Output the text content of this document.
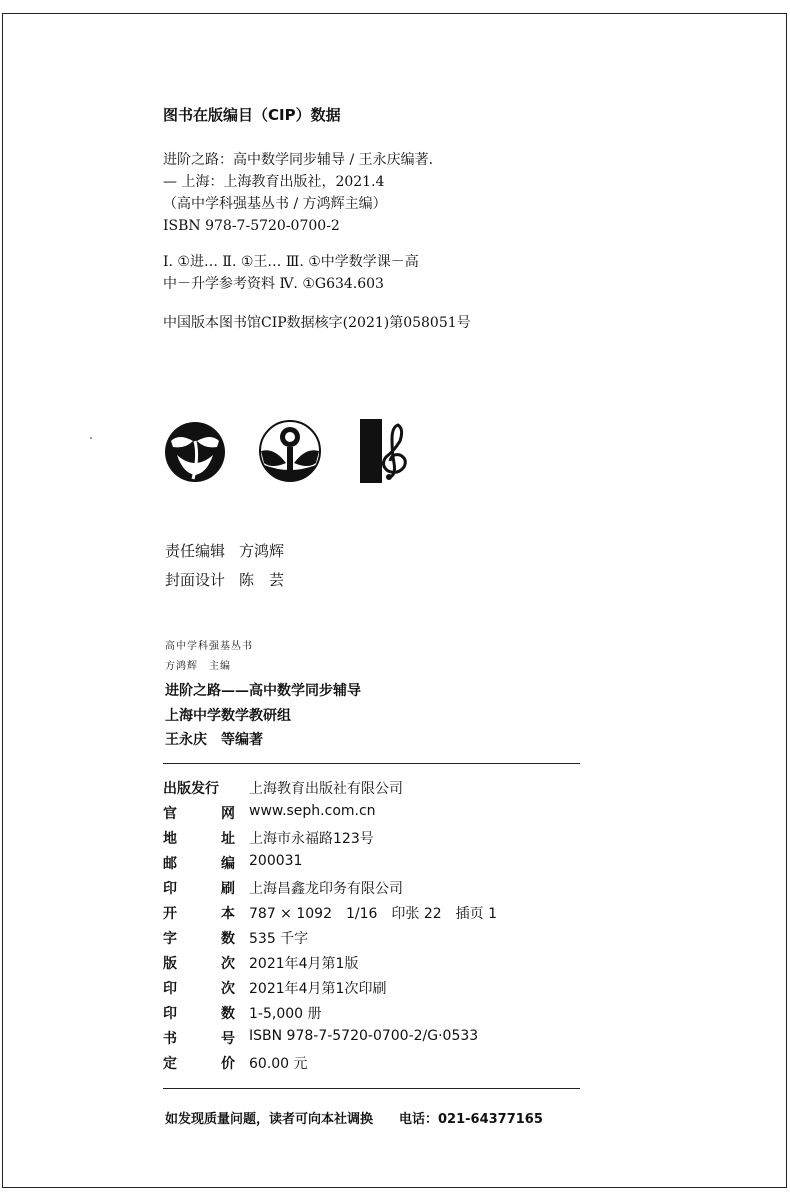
图书在版编目（CIP）数据
进阶之路：高中数学同步辅导 / 王永庆编著.
— 上海：上海教育出版社，2021.4
（高中学科强基丛书 / 方鸿辉主编）
ISBN 978-7-5720-0700-2
Ⅰ. ①进… Ⅱ. ①王… Ⅲ. ①中学数学课－高
中－升学参考资料 Ⅳ. ①G634.603
中国版本图书馆CIP数据核字(2021)第058051号
责任编辑 方鸿辉
封面设计 陈　芸
高中学科强基丛书
方鸿辉　主编
进阶之路——高中数学同步辅导
上海中学数学教研组
王永庆　等编著
出版发行 上海教育出版社有限公司
官	网 www.seph.com.cn
地	址 上海市永福路123号
邮	编 200031
印	刷 上海昌鑫龙印务有限公司
开	本 787 × 1092　1/16　印张 22　插页 1
字	数 535 千字
版	次 2021年4月第1版
印	次 2021年4月第1次印刷
印	数 1-5,000 册
书	号 ISBN 978-7-5720-0700-2/G·0533
定	价 60.00 元
如发现质量问题，读者可向本社调换　　电话：021-64377165
